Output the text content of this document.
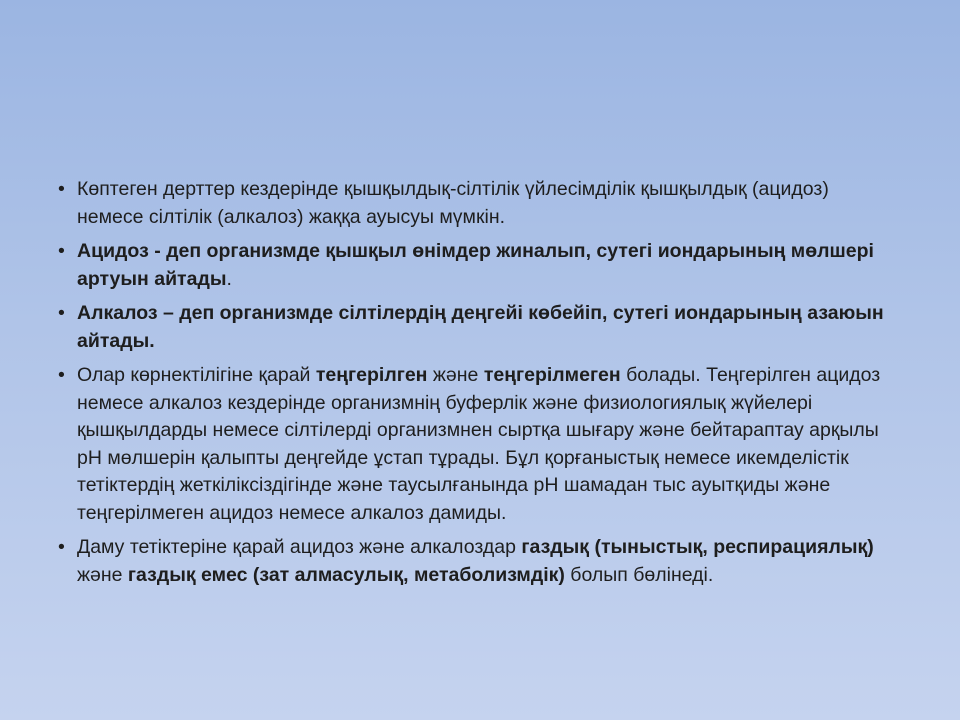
• Көптеген дерттер кездерінде қышқылдық-сілтілік үйлесімділік қышқылдық (ацидоз) немесе сілтілік (алкалоз) жаққа ауысуы мүмкін.
• Ацидоз - деп организмде қышқыл өнімдер жиналып, сутегі иондарының мөлшері артуын айтады.
• Алкалоз – деп организмде сілтілердің деңгейі көбейіп, сутегі иондарының азаюын айтады.
• Олар көрнектілігіне қарай теңгерілген және теңгерілмеген болады. Теңгерілген ацидоз немесе алкалоз кездерінде организмнің буферлік және физиологиялық жүйелері қышқылдарды немесе сілтілерді организмнен сыртқа шығару және бейтараптау арқылы рН мөлшерін қалыпты деңгейде ұстап тұрады. Бұл қорғаныстық немесе икемделістік тетіктердің жеткіліксіздігінде және таусылғанында рН шамадан тыс ауытқиды және теңгерілмеген ацидоз немесе алкалоз дамиды.
• Даму тетіктеріне қарай ацидоз және алкалоздар газдық (тыныстық, респирациялық) және газдық емес (зат алмасулық, метаболизмдік) болып бөлінеді.
